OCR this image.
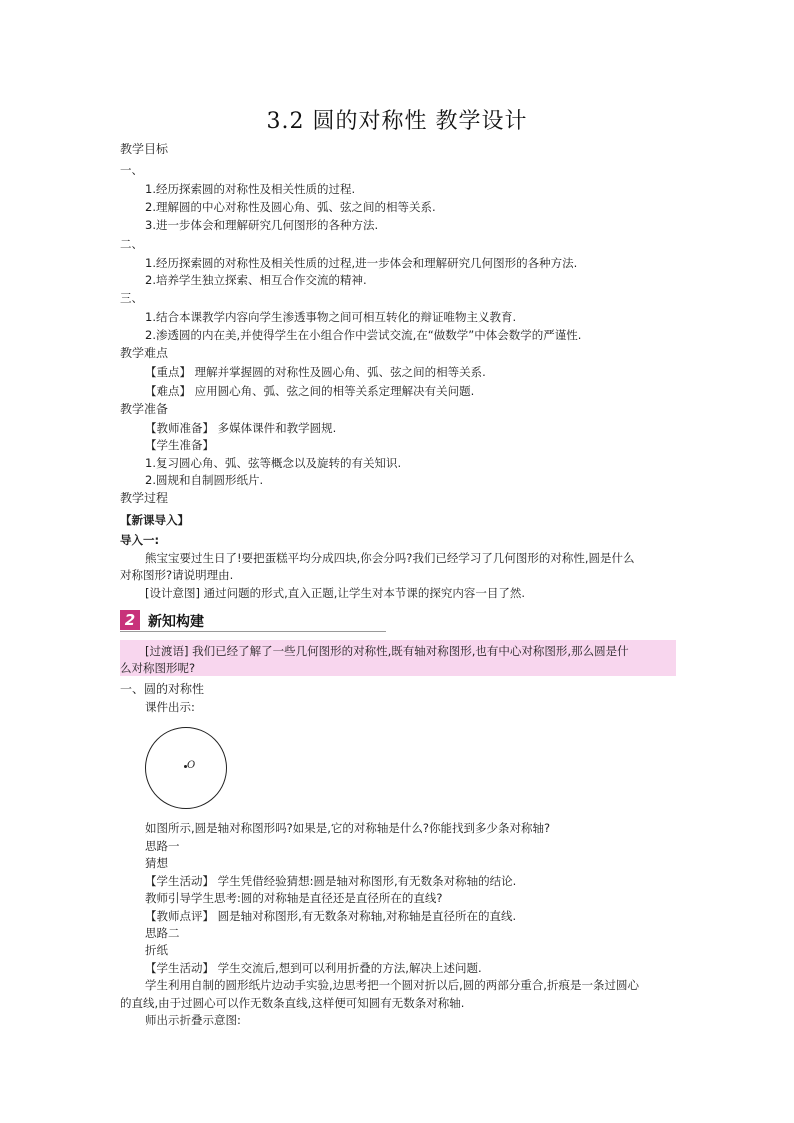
3.2 圆的对称性 教学设计
教学目标
一、
1.经历探索圆的对称性及相关性质的过程.
2.理解圆的中心对称性及圆心角、弧、弦之间的相等关系.
3.进一步体会和理解研究几何图形的各种方法.
二、
1.经历探索圆的对称性及相关性质的过程,进一步体会和理解研究几何图形的各种方法.
2.培养学生独立探索、相互合作交流的精神.
三、
1.结合本课教学内容向学生渗透事物之间可相互转化的辩证唯物主义教育.
2.渗透圆的内在美,并使得学生在小组合作中尝试交流,在“做数学”中体会数学的严谨性.
教学难点
【重点】 理解并掌握圆的对称性及圆心角、弧、弦之间的相等关系.
【难点】 应用圆心角、弧、弦之间的相等关系定理解决有关问题.
教学准备
【教师准备】 多媒体课件和教学圆规.
【学生准备】
1.复习圆心角、弧、弦等概念以及旋转的有关知识.
2.圆规和自制圆形纸片.
教学过程
【新课导入】
导入一:
熊宝宝要过生日了!要把蛋糕平均分成四块,你会分吗?我们已经学习了几何图形的对称性,圆是什么
对称图形?请说明理由.
[设计意图] 通过问题的形式,直入正题,让学生对本节课的探究内容一目了然.
2 新知构建
[过渡语] 我们已经了解了一些几何图形的对称性,既有轴对称图形,也有中心对称图形,那么圆是什
么对称图形呢?
一、圆的对称性
课件出示:
O
如图所示,圆是轴对称图形吗?如果是,它的对称轴是什么?你能找到多少条对称轴?
思路一
猜想
【学生活动】 学生凭借经验猜想:圆是轴对称图形,有无数条对称轴的结论.
教师引导学生思考:圆的对称轴是直径还是直径所在的直线?
【教师点评】 圆是轴对称图形,有无数条对称轴,对称轴是直径所在的直线.
思路二
折纸
【学生活动】 学生交流后,想到可以利用折叠的方法,解决上述问题.
学生利用自制的圆形纸片边动手实验,边思考把一个圆对折以后,圆的两部分重合,折痕是一条过圆心
的直线,由于过圆心可以作无数条直线,这样便可知圆有无数条对称轴.
师出示折叠示意图:
